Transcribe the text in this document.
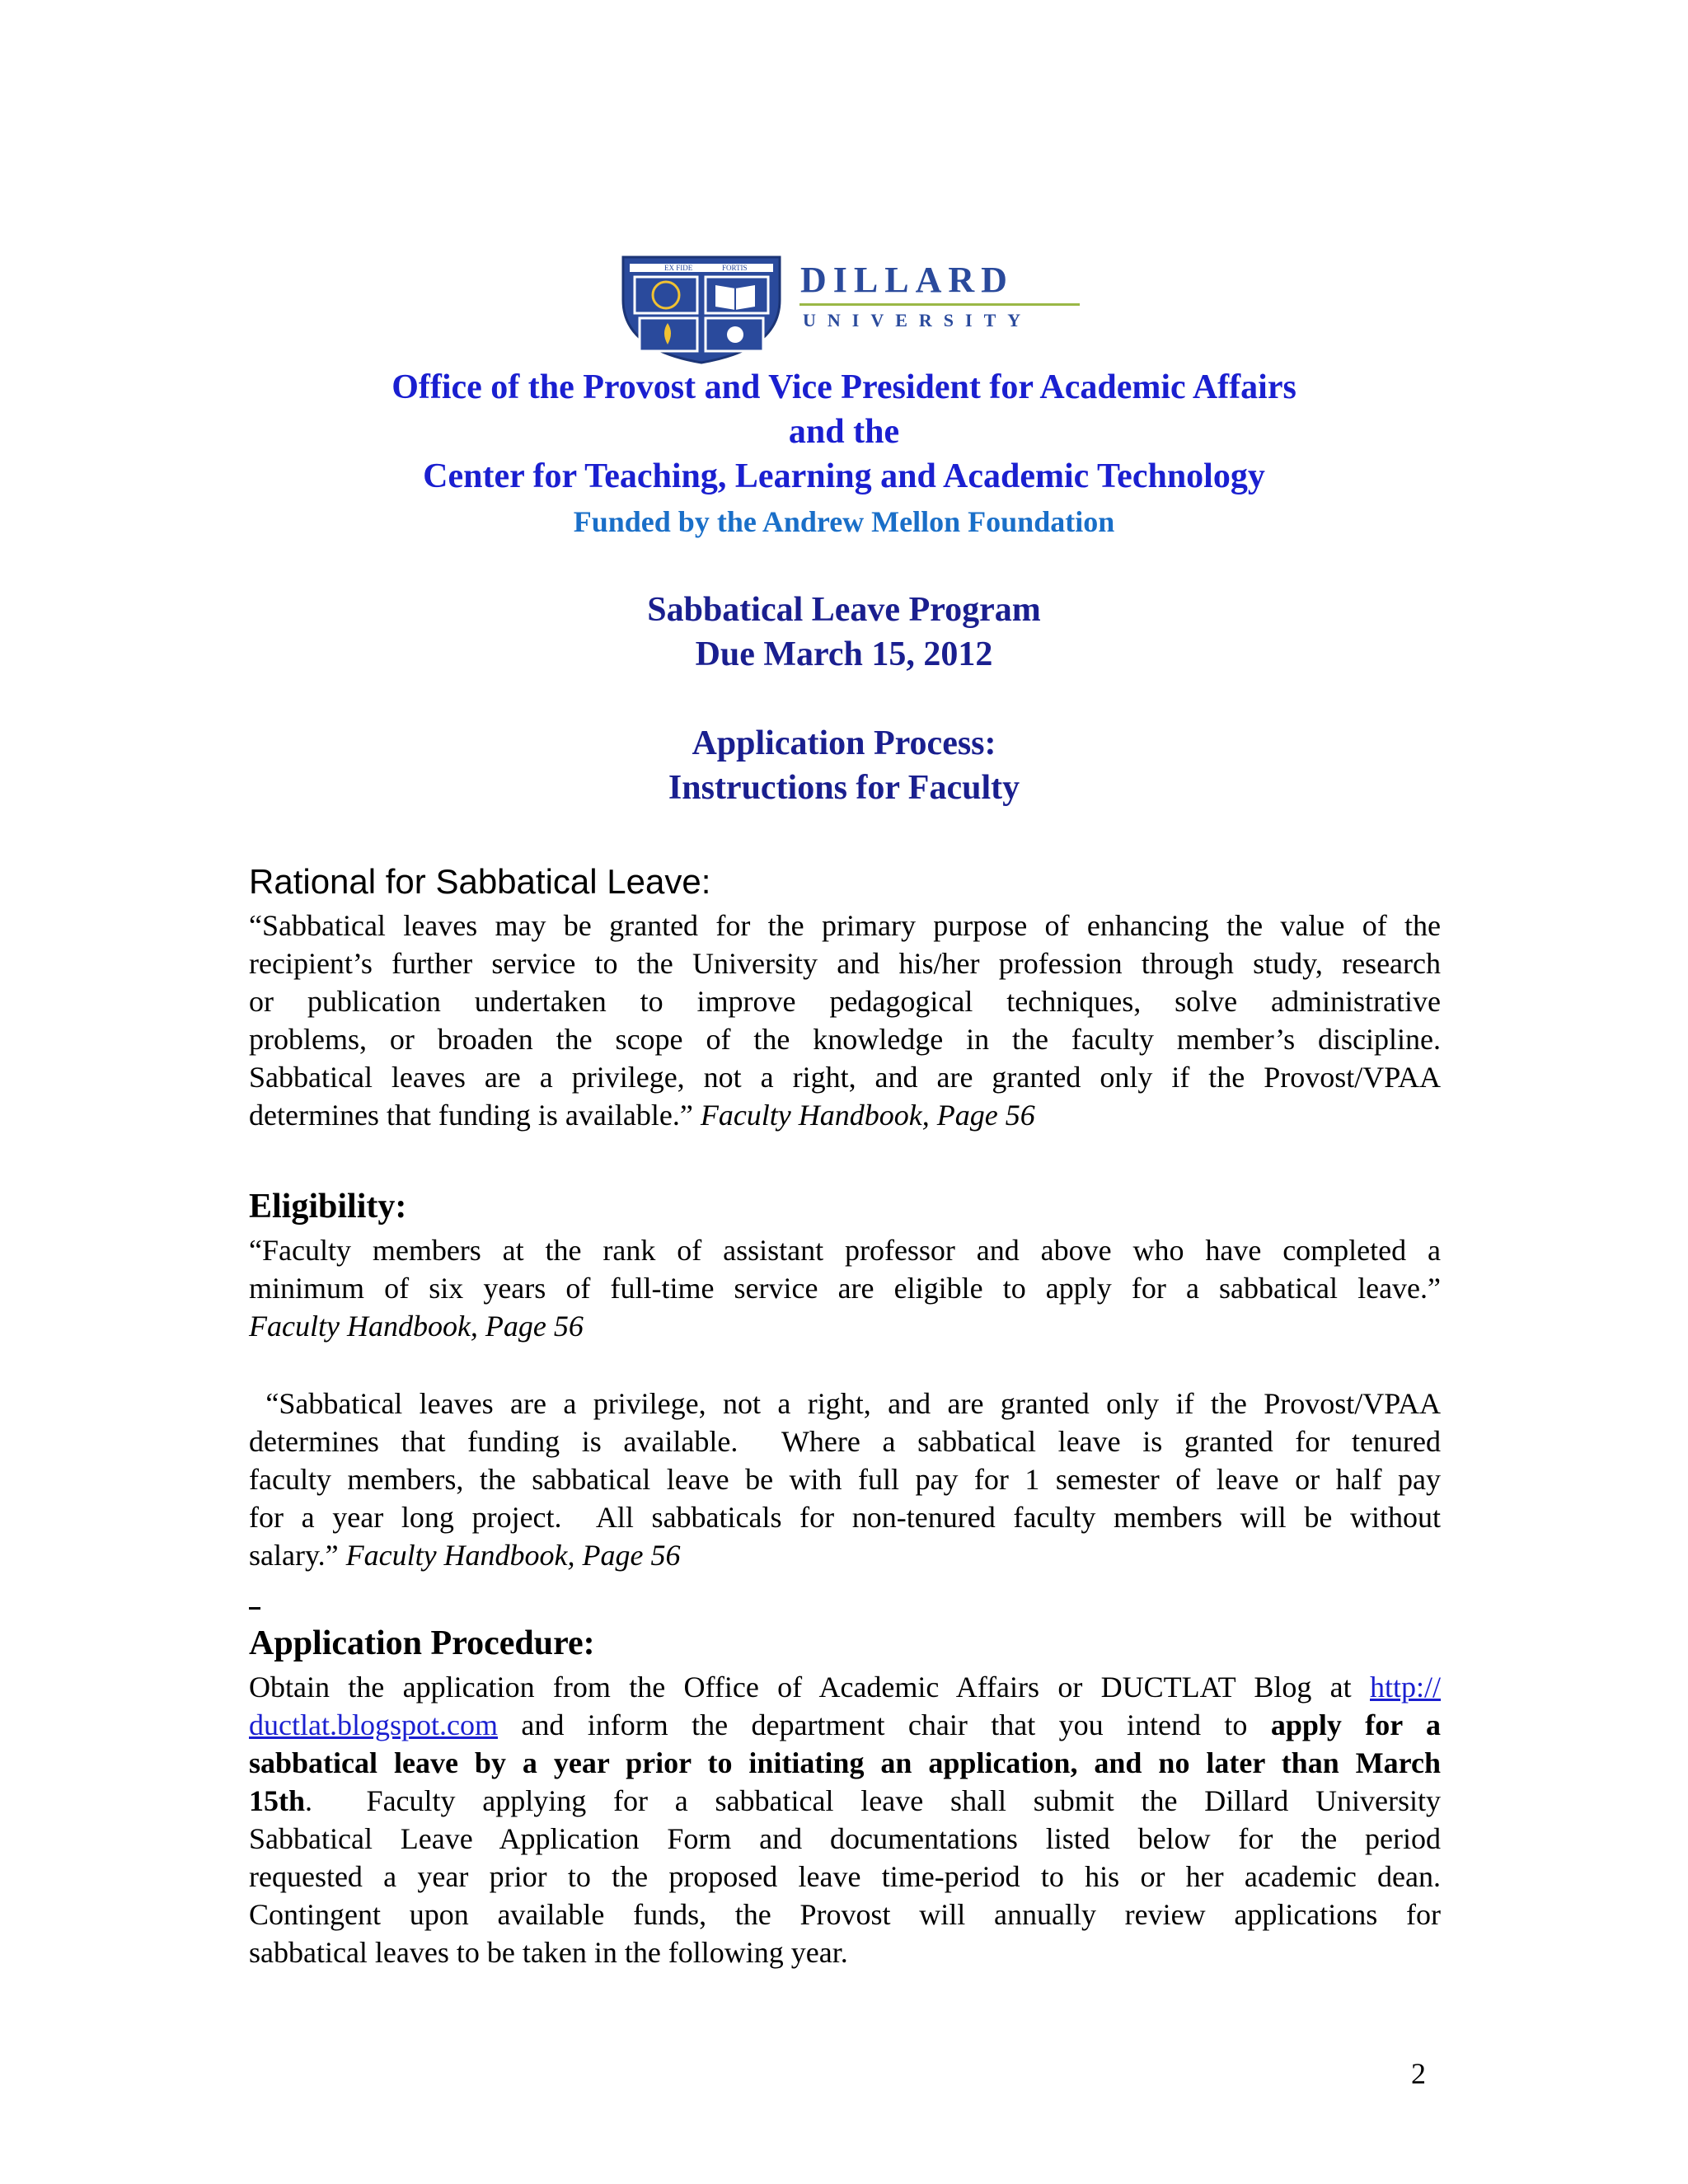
EX FIDE	FORTIS DILLARD
UNIVERSITY
Office of the Provost and Vice President for Academic Affairs
and the
Center for Teaching, Learning and Academic Technology
Funded by the Andrew Mellon Foundation
Sabbatical Leave Program
Due March 15, 2012
Application Process:
Instructions for Faculty
Rational for Sabbatical Leave:
“Sabbatical leaves may be granted for the primary purpose of enhancing the value of the
recipient’s further service to the University and his/her profession through study, research
or publication undertaken to improve pedagogical techniques, solve administrative
problems, or broaden the scope of the knowledge in the faculty member’s discipline.
Sabbatical leaves are a privilege, not a right, and are granted only if the Provost/VPAA
determines that funding is available.” Faculty Handbook, Page 56
Eligibility:
“Faculty members at the rank of assistant professor and above who have completed a
minimum of six years of full-time service are eligible to apply for a sabbatical leave.”
Faculty Handbook, Page 56
“Sabbatical leaves are a privilege, not a right, and are granted only if the Provost/VPAA
determines that funding is available.  Where a sabbatical leave is granted for tenured
faculty members, the sabbatical leave be with full pay for 1 semester of leave or half pay
for a year long project.  All sabbaticals for non-tenured faculty members will be without
salary.” Faculty Handbook, Page 56
Application Procedure:
Obtain the application from the Office of Academic Affairs or DUCTLAT Blog at http://
ductlat.blogspot.com and inform the department chair that you intend to apply for a
sabbatical leave by a year prior to initiating an application, and no later than March
15th.  Faculty applying for a sabbatical leave shall submit the Dillard University
Sabbatical Leave Application Form and documentations listed below for the period
requested a year prior to the proposed leave time-period to his or her academic dean.
Contingent upon available funds, the Provost will annually review applications for
sabbatical leaves to be taken in the following year.
2
